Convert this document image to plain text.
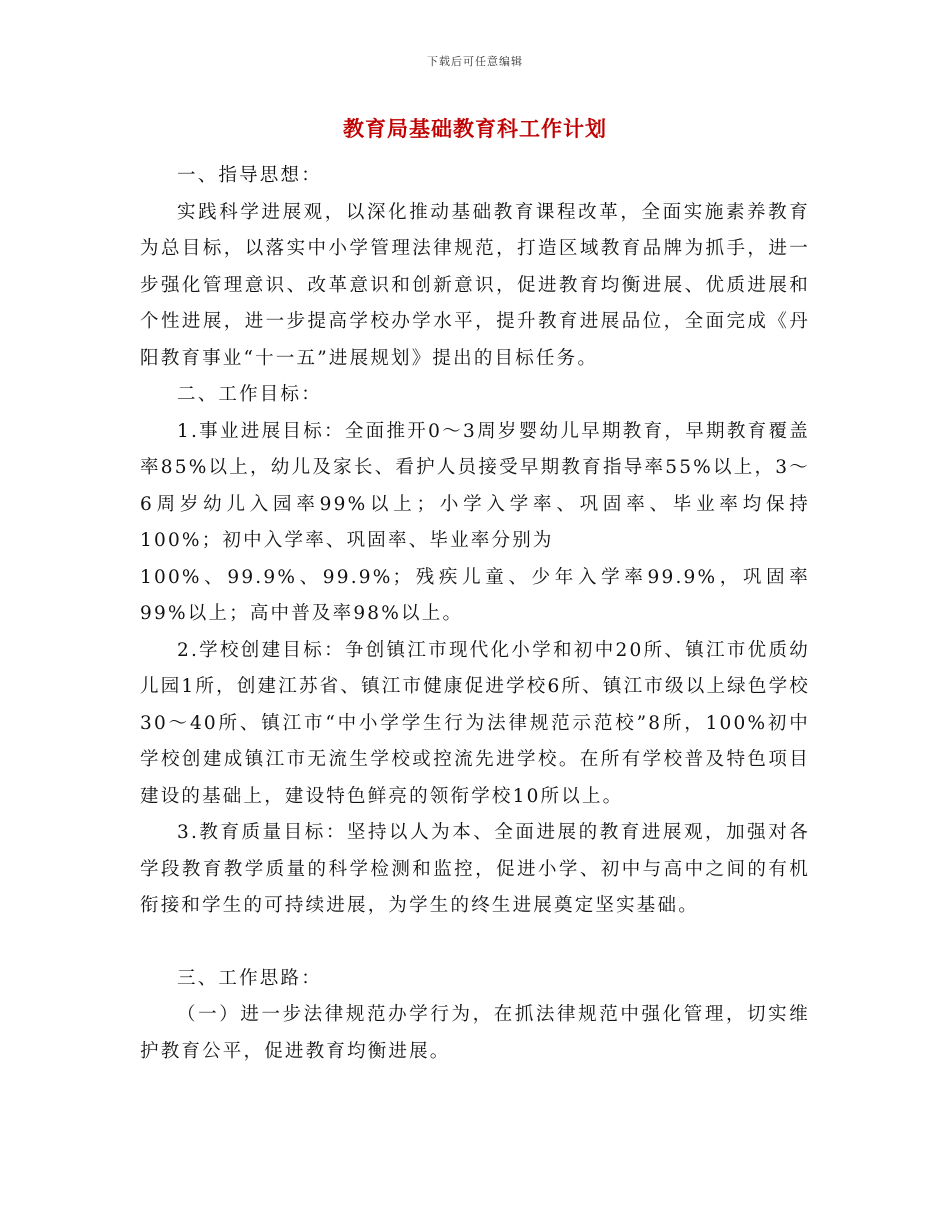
下载后可任意编辑
教育局基础教育科工作计划

一、指导思想：

实践科学进展观，以深化推动基础教育课程改革，全面实施素养教育为总目标，以落实中小学管理法律规范，打造区域教育品牌为抓手，进一步强化管理意识、改革意识和创新意识，促进教育均衡进展、优质进展和个性进展，进一步提高学校办学水平，提升教育进展品位，全面完成《丹阳教育事业“十一五”进展规划》提出的目标任务。

二、工作目标：

1.事业进展目标：全面推开0～3周岁婴幼儿早期教育，早期教育覆盖率85%以上，幼儿及家长、看护人员接受早期教育指导率55%以上，3～6周岁幼儿入园率99%以上；小学入学率、巩固率、毕业率均保持100%；初中入学率、巩固率、毕业率分别为

100%、99.9%、99.9%；残疾儿童、少年入学率99.9%，巩固率99%以上；高中普及率98%以上。

2.学校创建目标：争创镇江市现代化小学和初中20所、镇江市优质幼儿园1所，创建江苏省、镇江市健康促进学校6所、镇江市级以上绿色学校30～40所、镇江市“中小学学生行为法律规范示范校”8所，100%初中学校创建成镇江市无流生学校或控流先进学校。在所有学校普及特色项目建设的基础上，建设特色鲜亮的领衔学校10所以上。

3.教育质量目标：坚持以人为本、全面进展的教育进展观，加强对各学段教育教学质量的科学检测和监控，促进小学、初中与高中之间的有机衔接和学生的可持续进展，为学生的终生进展奠定坚实基础。

三、工作思路：

（一）进一步法律规范办学行为，在抓法律规范中强化管理，切实维护教育公平，促进教育均衡进展。
